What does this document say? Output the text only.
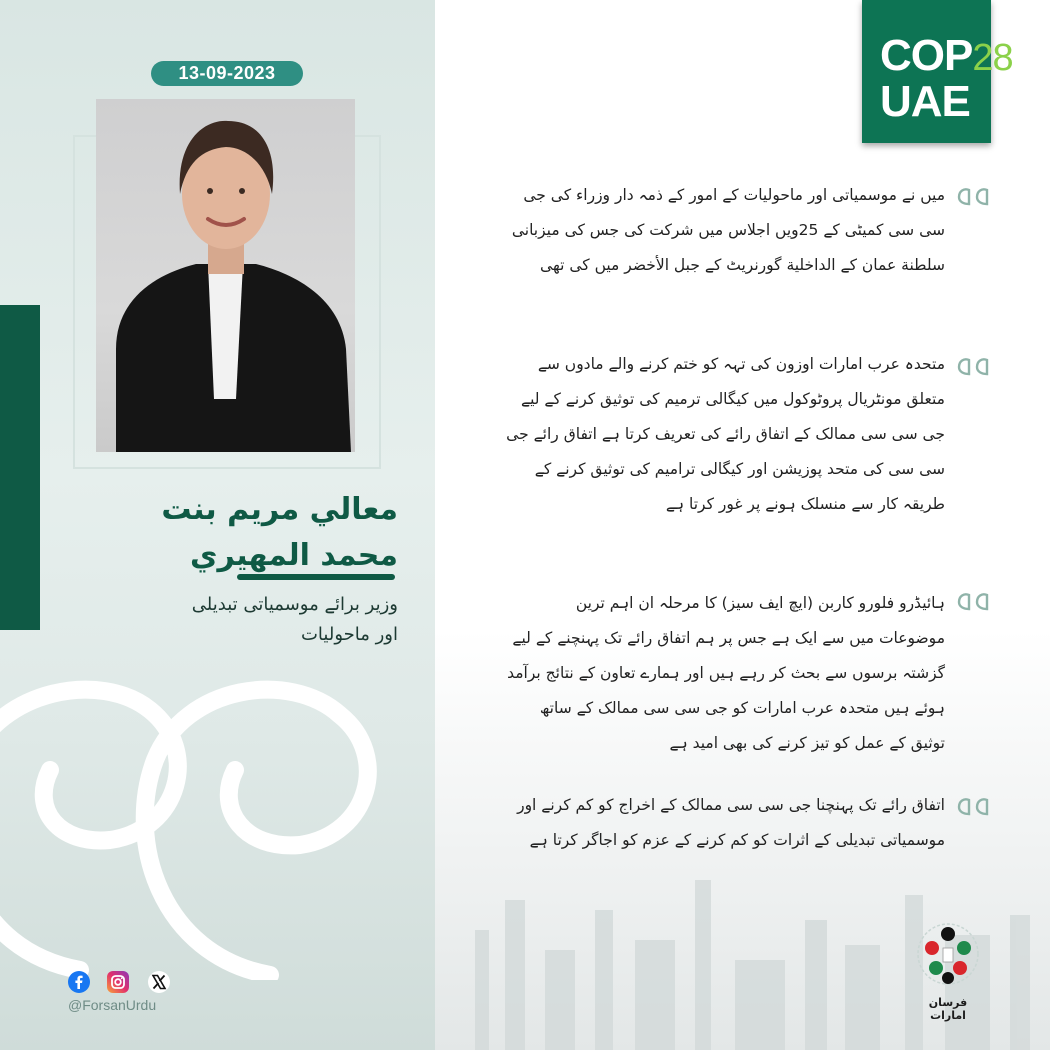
13-09-2023
معالي مريم بنت محمد المهيري
وزیر برائے موسمیاتی تبدیلی اور ماحولیات
@ForsanUrdu
COP28
UAE
میں نے موسمیاتی اور ماحولیات کے امور کے ذمہ دار وزراء کی جی سی سی کمیٹی کے 25ویں اجلاس میں شرکت کی جس کی میزبانی سلطنة عمان کے الداخلیة گورنریٹ کے جبل الأخضر میں کی تھی
متحدہ عرب امارات اوزون کی تہہ کو ختم کرنے والے مادوں سے متعلق مونٹریال پروٹوکول میں کیگالی ترمیم کی توثیق کرنے کے لیے جی سی سی ممالک کے اتفاق رائے کی تعریف کرتا ہے اتفاق رائے جی سی سی کی متحد پوزیشن اور کیگالی ترامیم کی توثیق کرنے کے طریقہ کار سے منسلک ہونے پر غور کرتا ہے
ہائیڈرو فلورو کاربن (ایچ ایف سیز) کا مرحلہ ان اہم ترین موضوعات میں سے ایک ہے جس پر ہم اتفاق رائے تک پہنچنے کے لیے گزشتہ برسوں سے بحث کر رہے ہیں اور ہمارے تعاون کے نتائج برآمد ہوئے ہیں متحدہ عرب امارات کو جی سی سی ممالک کے ساتھ توثیق کے عمل کو تیز کرنے کی بھی امید ہے
اتفاق رائے تک پہنچنا جی سی سی ممالک کے اخراج کو کم کرنے اور موسمیاتی تبدیلی کے اثرات کو کم کرنے کے عزم کو اجاگر کرتا ہے
فرسان امارات
